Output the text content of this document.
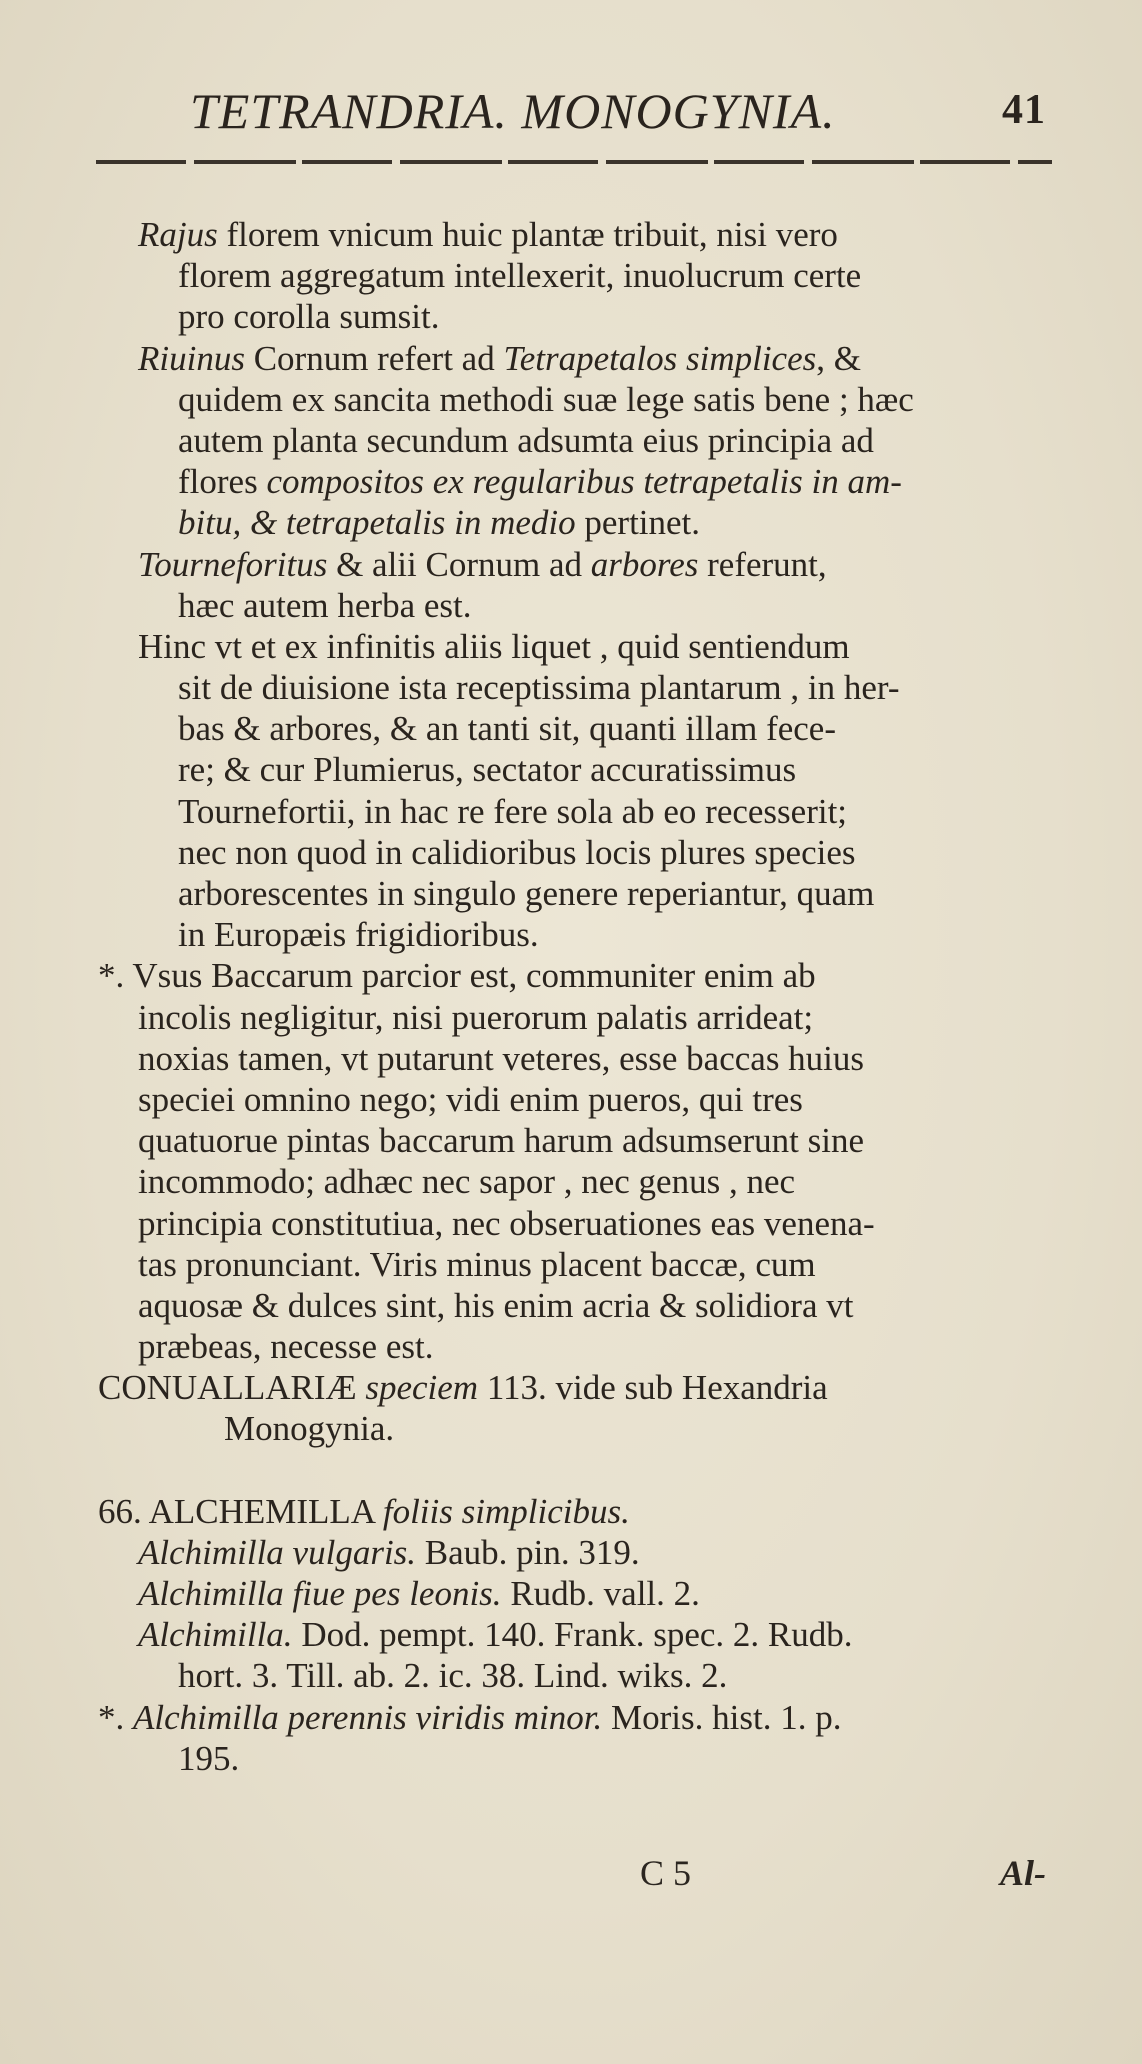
TETRANDRIA. MONOGYNIA.	41
Rajus florem vnicum huic plantæ tribuit, nisi vero
florem aggregatum intellexerit, inuolucrum certe
pro corolla sumsit.
Riuinus Cornum refert ad Tetrapetalos simplices, &
quidem ex sancita methodi suæ lege satis bene ; hæc
autem planta secundum adsumta eius principia ad
flores compositos ex regularibus tetrapetalis in am-
bitu, & tetrapetalis in medio pertinet.
Tourneforitus & alii Cornum ad arbores referunt,
hæc autem herba est.
Hinc vt et ex infinitis aliis liquet , quid sentiendum
sit de diuisione ista receptissima plantarum , in her-
bas & arbores, & an tanti sit, quanti illam fece-
re; & cur Plumierus, sectator accuratissimus
Tournefortii, in hac re fere sola ab eo recesserit;
nec non quod in calidioribus locis plures species
arborescentes in singulo genere reperiantur, quam
in Europæis frigidioribus.
*. Vsus Baccarum parcior est, communiter enim ab
incolis negligitur, nisi puerorum palatis arrideat;
noxias tamen, vt putarunt veteres, esse baccas huius
speciei omnino nego; vidi enim pueros, qui tres
quatuorue pintas baccarum harum adsumserunt sine
incommodo; adhæc nec sapor , nec genus , nec
principia constitutiua, nec obseruationes eas venena-
tas pronunciant. Viris minus placent baccæ, cum
aquosæ & dulces sint, his enim acria & solidiora vt
præbeas, necesse est.
CONUALLARIÆ speciem 113. vide sub Hexandria
Monogynia.
66. ALCHEMILLA foliis simplicibus.
Alchimilla vulgaris. Baub. pin. 319.
Alchimilla fiue pes leonis. Rudb. vall. 2.
Alchimilla. Dod. pempt. 140. Frank. spec. 2. Rudb.
hort. 3. Till. ab. 2. ic. 38. Lind. wiks. 2.
*. Alchimilla perennis viridis minor. Moris. hist. 1. p.
195.
C 5	Al-
